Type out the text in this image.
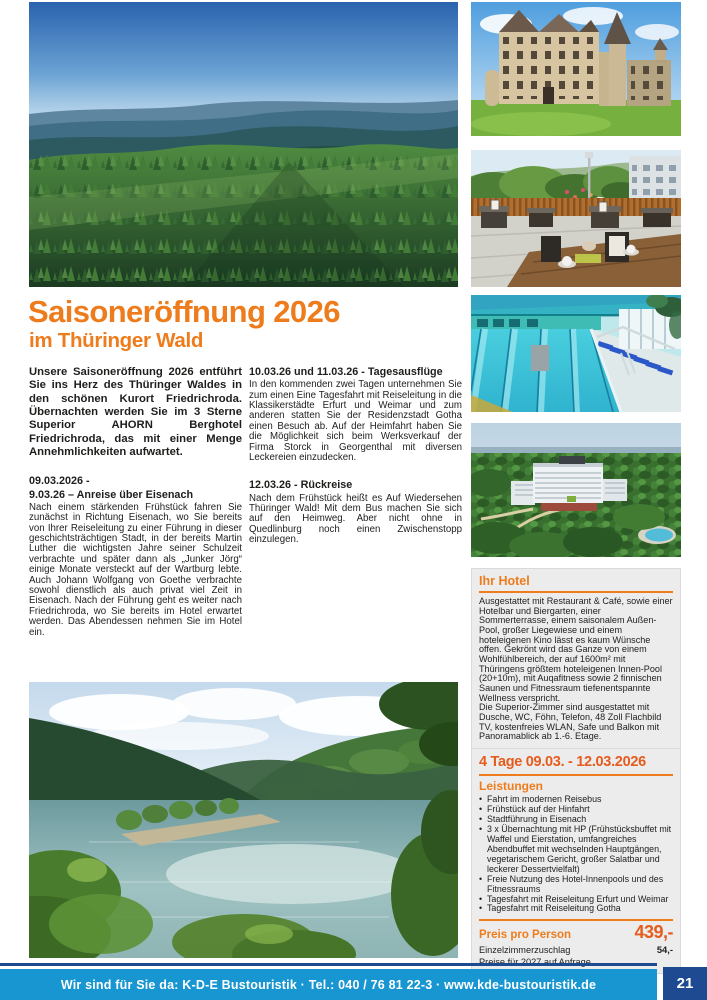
Saisoneröffnung 2026
im Thüringer Wald

Unsere Saisoneröffnung 2026 entführt Sie ins Herz des Thüringer Waldes in den schönen Kurort Friedrichroda. Übernachten werden Sie im 3 Sterne Superior AHORN Berghotel Friedrichroda, das mit einer Menge Annehmlichkeiten aufwartet.

09.03.2026 -
9.03.26 – Anreise über Eisenach
Nach einem stärkenden Frühstück fahren Sie zunächst in Richtung Eisenach, wo Sie bereits von Ihrer Reiseleitung zu einer Führung in dieser geschichtsträchtigen Stadt, in der bereits Martin Luther die wichtigsten Jahre seiner Schulzeit verbrachte und später dann als „Junker Jörg“ einige Monate versteckt auf der Wartburg lebte. Auch Johann Wolfgang von Goethe verbrachte sowohl dienstlich als auch privat viel Zeit in Eisenach. Nach der Führung geht es weiter nach Friedrichroda, wo Sie bereits im Hotel erwartet werden. Das Abendessen nehmen Sie im Hotel ein.
10.03.26 und 11.03.26 - Tagesausflüge
In den kommenden zwei Tagen unternehmen Sie zum einen Eine Tagesfahrt mit Reiseleitung in die Klassikerstädte Erfurt und Weimar und zum anderen statten Sie der Residenzstadt Gotha einen Besuch ab. Auf der Heimfahrt haben Sie die Möglichkeit sich beim Werksverkauf der Firma Storck in Georgenthal mit diversen Leckereien einzudecken.
12.03.26 - Rückreise
Nach dem Frühstück heißt es Auf Wiedersehen Thüringer Wald! Mit dem Bus machen Sie sich auf den Heimweg. Aber nicht ohne in Quedlinburg noch einen Zwischenstopp einzulegen.
Ihr Hotel

Ausgestattet mit Restaurant & Café, sowie einer Hotelbar und Biergarten, einer Sommerterrasse, einem saisonalem Außen-Pool, großer Liegewiese und einem hoteleigenen Kino lässt es kaum Wünsche offen. Gekrönt wird das Ganze von einem Wohlfühlbereich, der auf 1600m² mit Thüringens größtem hoteleigenen Innen-Pool (20+10m), mit Auqafitness sowie 2 finnischen Saunen und Fitnessraum tiefenentspannte Wellness verspricht.

Die Superior-Zimmer sind ausgestattet mit Dusche, WC, Föhn, Telefon, 48 Zoll Flachbild TV, kostenfreies WLAN, Safe und Balkon mit Panoramablick ab 1.-6. Etage.

4 Tage 09.03. - 12.03.2026
Leistungen
• Fahrt im modernen Reisebus
• Frühstück auf der Hinfahrt
• Stadtführung in Eisenach
• 3 x Übernachtung mit HP (Frühstücksbuffet mit Waffel und Eierstation, umfangreiches Abendbuffet mit wechselnden Hauptgängen, vegetarischem Gericht, großer Salatbar und leckerer Dessertvielfalt)
• Freie Nutzung des Hotel-Innenpools und des Fitnessraums
• Tagesfahrt mit Reiseleitung Erfurt und Weimar
• Tagesfahrt mit Reiseleitung Gotha
Preis pro Person	439,-
Einzelzimmerzuschlag	54,-
Wir sind für Sie da: K-D-E Bustouristik · Tel.: 040 / 76 81 22-3 · www.kde-bustouristik.de	21
